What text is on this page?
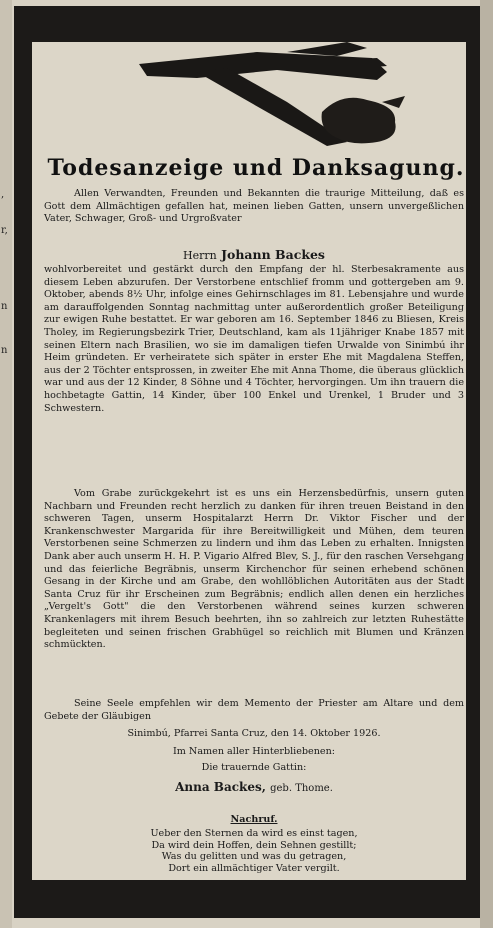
,
r,
n
n
Todesanzeige und Danksagung.

Allen Verwandten, Freunden und Bekannten die traurige Mitteilung, daß es Gott dem Allmächtigen gefallen hat, meinen lieben Gatten, unsern unvergeßlichen Vater, Schwager, Groß- und Urgroßvater

Herrn Johann Backes

wohlvorbereitet und gestärkt durch den Empfang der hl. Sterbesakramente aus diesem Leben abzurufen. Der Verstorbene entschlief fromm und gottergeben am 9. Oktober, abends 8½ Uhr, infolge eines Gehirnschlages im 81. Lebensjahre und wurde am darauffolgenden Sonntag nachmittag unter außerordentlich großer Beteiligung zur ewigen Ruhe bestattet. Er war geboren am 16. September 1846 zu Bliesen, Kreis Tholey, im Regierungsbezirk Trier, Deutschland, kam als 11jähriger Knabe 1857 mit seinen Eltern nach Brasilien, wo sie im damaligen tiefen Urwalde von Sinimbú ihr Heim gründeten. Er verheiratete sich später in erster Ehe mit Magdalena Steffen, aus der 2 Töchter entsprossen, in zweiter Ehe mit Anna Thome, die überaus glücklich war und aus der 12 Kinder, 8 Söhne und 4 Töchter, hervorgingen. Um ihn trauern die hochbetagte Gattin, 14 Kinder, über 100 Enkel und Urenkel, 1 Bruder und 3 Schwestern.

Vom Grabe zurückgekehrt ist es uns ein Herzensbedürfnis, unsern guten Nachbarn und Freunden recht herzlich zu danken für ihren treuen Beistand in den schweren Tagen, unserm Hospitalarzt Herrn Dr. Viktor Fischer und der Krankenschwester Margarida für ihre Bereitwilligkeit und Mühen, dem teuren Verstorbenen seine Schmerzen zu lindern und ihm das Leben zu erhalten. Innigsten Dank aber auch unserm H. H. P. Vigario Alfred Blev, S. J., für den raschen Versehgang und das feierliche Begräbnis, unserm Kirchenchor für seinen erhebend schönen Gesang in der Kirche und am Grabe, den wohllöblichen Autoritäten aus der Stadt Santa Cruz für ihr Erscheinen zum Begräbnis; endlich allen denen ein herzliches „Vergelt's Gott" die den Verstorbenen während seines kurzen schweren Krankenlagers mit ihrem Besuch beehrten, ihn so zahlreich zur letzten Ruhestätte begleiteten und seinen frischen Grabhügel so reichlich mit Blumen und Kränzen schmückten.

Seine Seele empfehlen wir dem Memento der Priester am Altare und dem Gebete der Gläubigen

Sinimbú, Pfarrei Santa Cruz, den 14. Oktober 1926.

Im Namen aller Hinterbliebenen:

Die trauernde Gattin:

Anna Backes, geb. Thome.

Nachruf.

Ueber den Sternen da wird es einst tagen,
Da wird dein Hoffen, dein Sehnen gestillt;
Was du gelitten und was du getragen,
Dort ein allmächtiger Vater vergilt.
